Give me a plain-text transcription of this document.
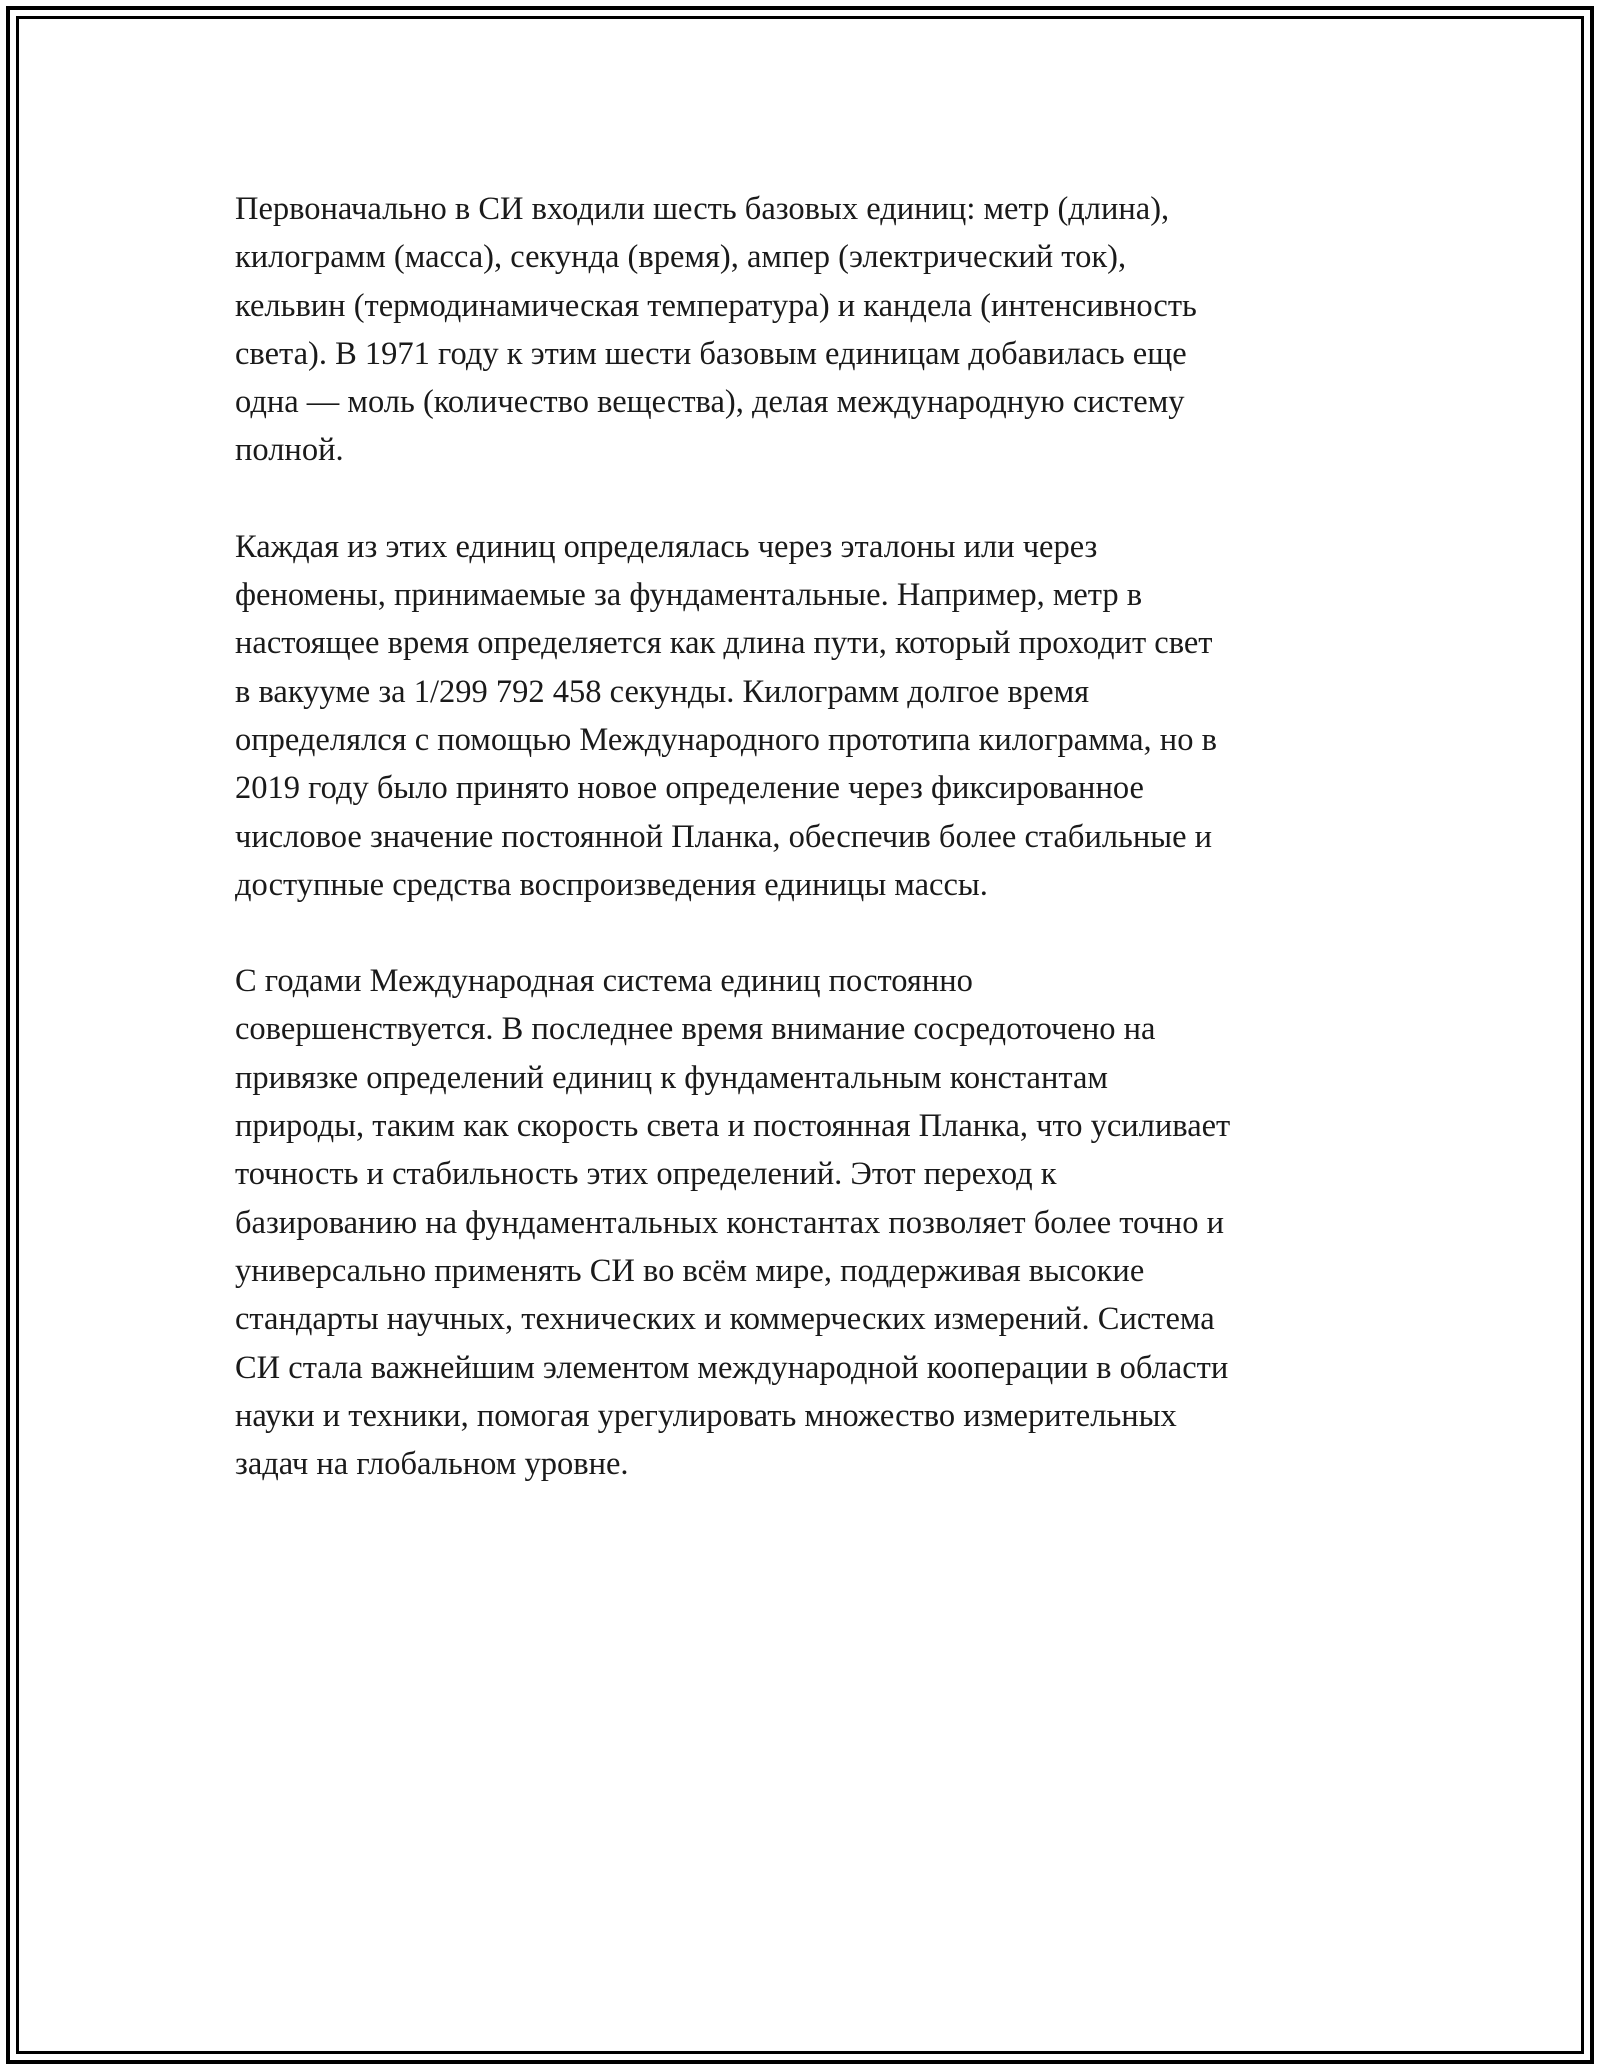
Первоначально в СИ входили шесть базовых единиц: метр (длина),
килограмм (масса), секунда (время), ампер (электрический ток),
кельвин (термодинамическая температура) и кандела (интенсивность
света). В 1971 году к этим шести базовым единицам добавилась еще
одна — моль (количество вещества), делая международную систему
полной.

Каждая из этих единиц определялась через эталоны или через
феномены, принимаемые за фундаментальные. Например, метр в
настоящее время определяется как длина пути, который проходит свет
в вакууме за 1/299 792 458 секунды. Килограмм долгое время
определялся с помощью Международного прототипа килограмма, но в
2019 году было принято новое определение через фиксированное
числовое значение постоянной Планка, обеспечив более стабильные и
доступные средства воспроизведения единицы массы.

С годами Международная система единиц постоянно
совершенствуется. В последнее время внимание сосредоточено на
привязке определений единиц к фундаментальным константам
природы, таким как скорость света и постоянная Планка, что усиливает
точность и стабильность этих определений. Этот переход к
базированию на фундаментальных константах позволяет более точно и
универсально применять СИ во всём мире, поддерживая высокие
стандарты научных, технических и коммерческих измерений. Система
СИ стала важнейшим элементом международной кооперации в области
науки и техники, помогая урегулировать множество измерительных
задач на глобальном уровне.
